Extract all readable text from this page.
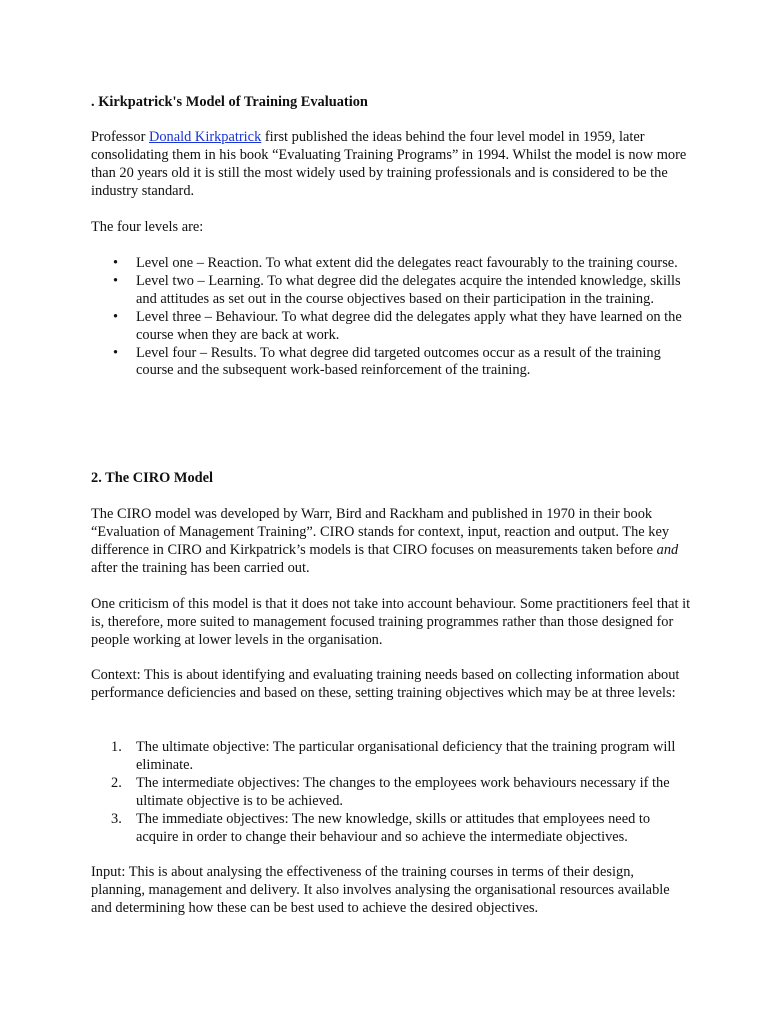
. Kirkpatrick's Model of Training Evaluation

Professor Donald Kirkpatrick first published the ideas behind the four level model in 1959, later consolidating them in his book “Evaluating Training Programs” in 1994. Whilst the model is now more than 20 years old it is still the most widely used by training professionals and is considered to be the industry standard.

The four levels are:

• Level one – Reaction. To what extent did the delegates react favourably to the training course.
• Level two – Learning. To what degree did the delegates acquire the intended knowledge, skills and attitudes as set out in the course objectives based on their participation in the training.
• Level three – Behaviour. To what degree did the delegates apply what they have learned on the course when they are back at work.
• Level four – Results. To what degree did targeted outcomes occur as a result of the training course and the subsequent work-based reinforcement of the training.
2. The CIRO Model

The CIRO model was developed by Warr, Bird and Rackham and published in 1970 in their book “Evaluation of Management Training”. CIRO stands for context, input, reaction and output. The key difference in CIRO and Kirkpatrick’s models is that CIRO focuses on measurements taken before and after the training has been carried out.

One criticism of this model is that it does not take into account behaviour. Some practitioners feel that it is, therefore, more suited to management focused training programmes rather than those designed for people working at lower levels in the organisation.

Context: This is about identifying and evaluating training needs based on collecting information about performance deficiencies and based on these, setting training objectives which may be at three levels:

1. The ultimate objective: The particular organisational deficiency that the training program will eliminate.
2. The intermediate objectives: The changes to the employees work behaviours necessary if the ultimate objective is to be achieved.
3. The immediate objectives: The new knowledge, skills or attitudes that employees need to acquire in order to change their behaviour and so achieve the intermediate objectives.

Input: This is about analysing the effectiveness of the training courses in terms of their design, planning, management and delivery. It also involves analysing the organisational resources available and determining how these can be best used to achieve the desired objectives.
